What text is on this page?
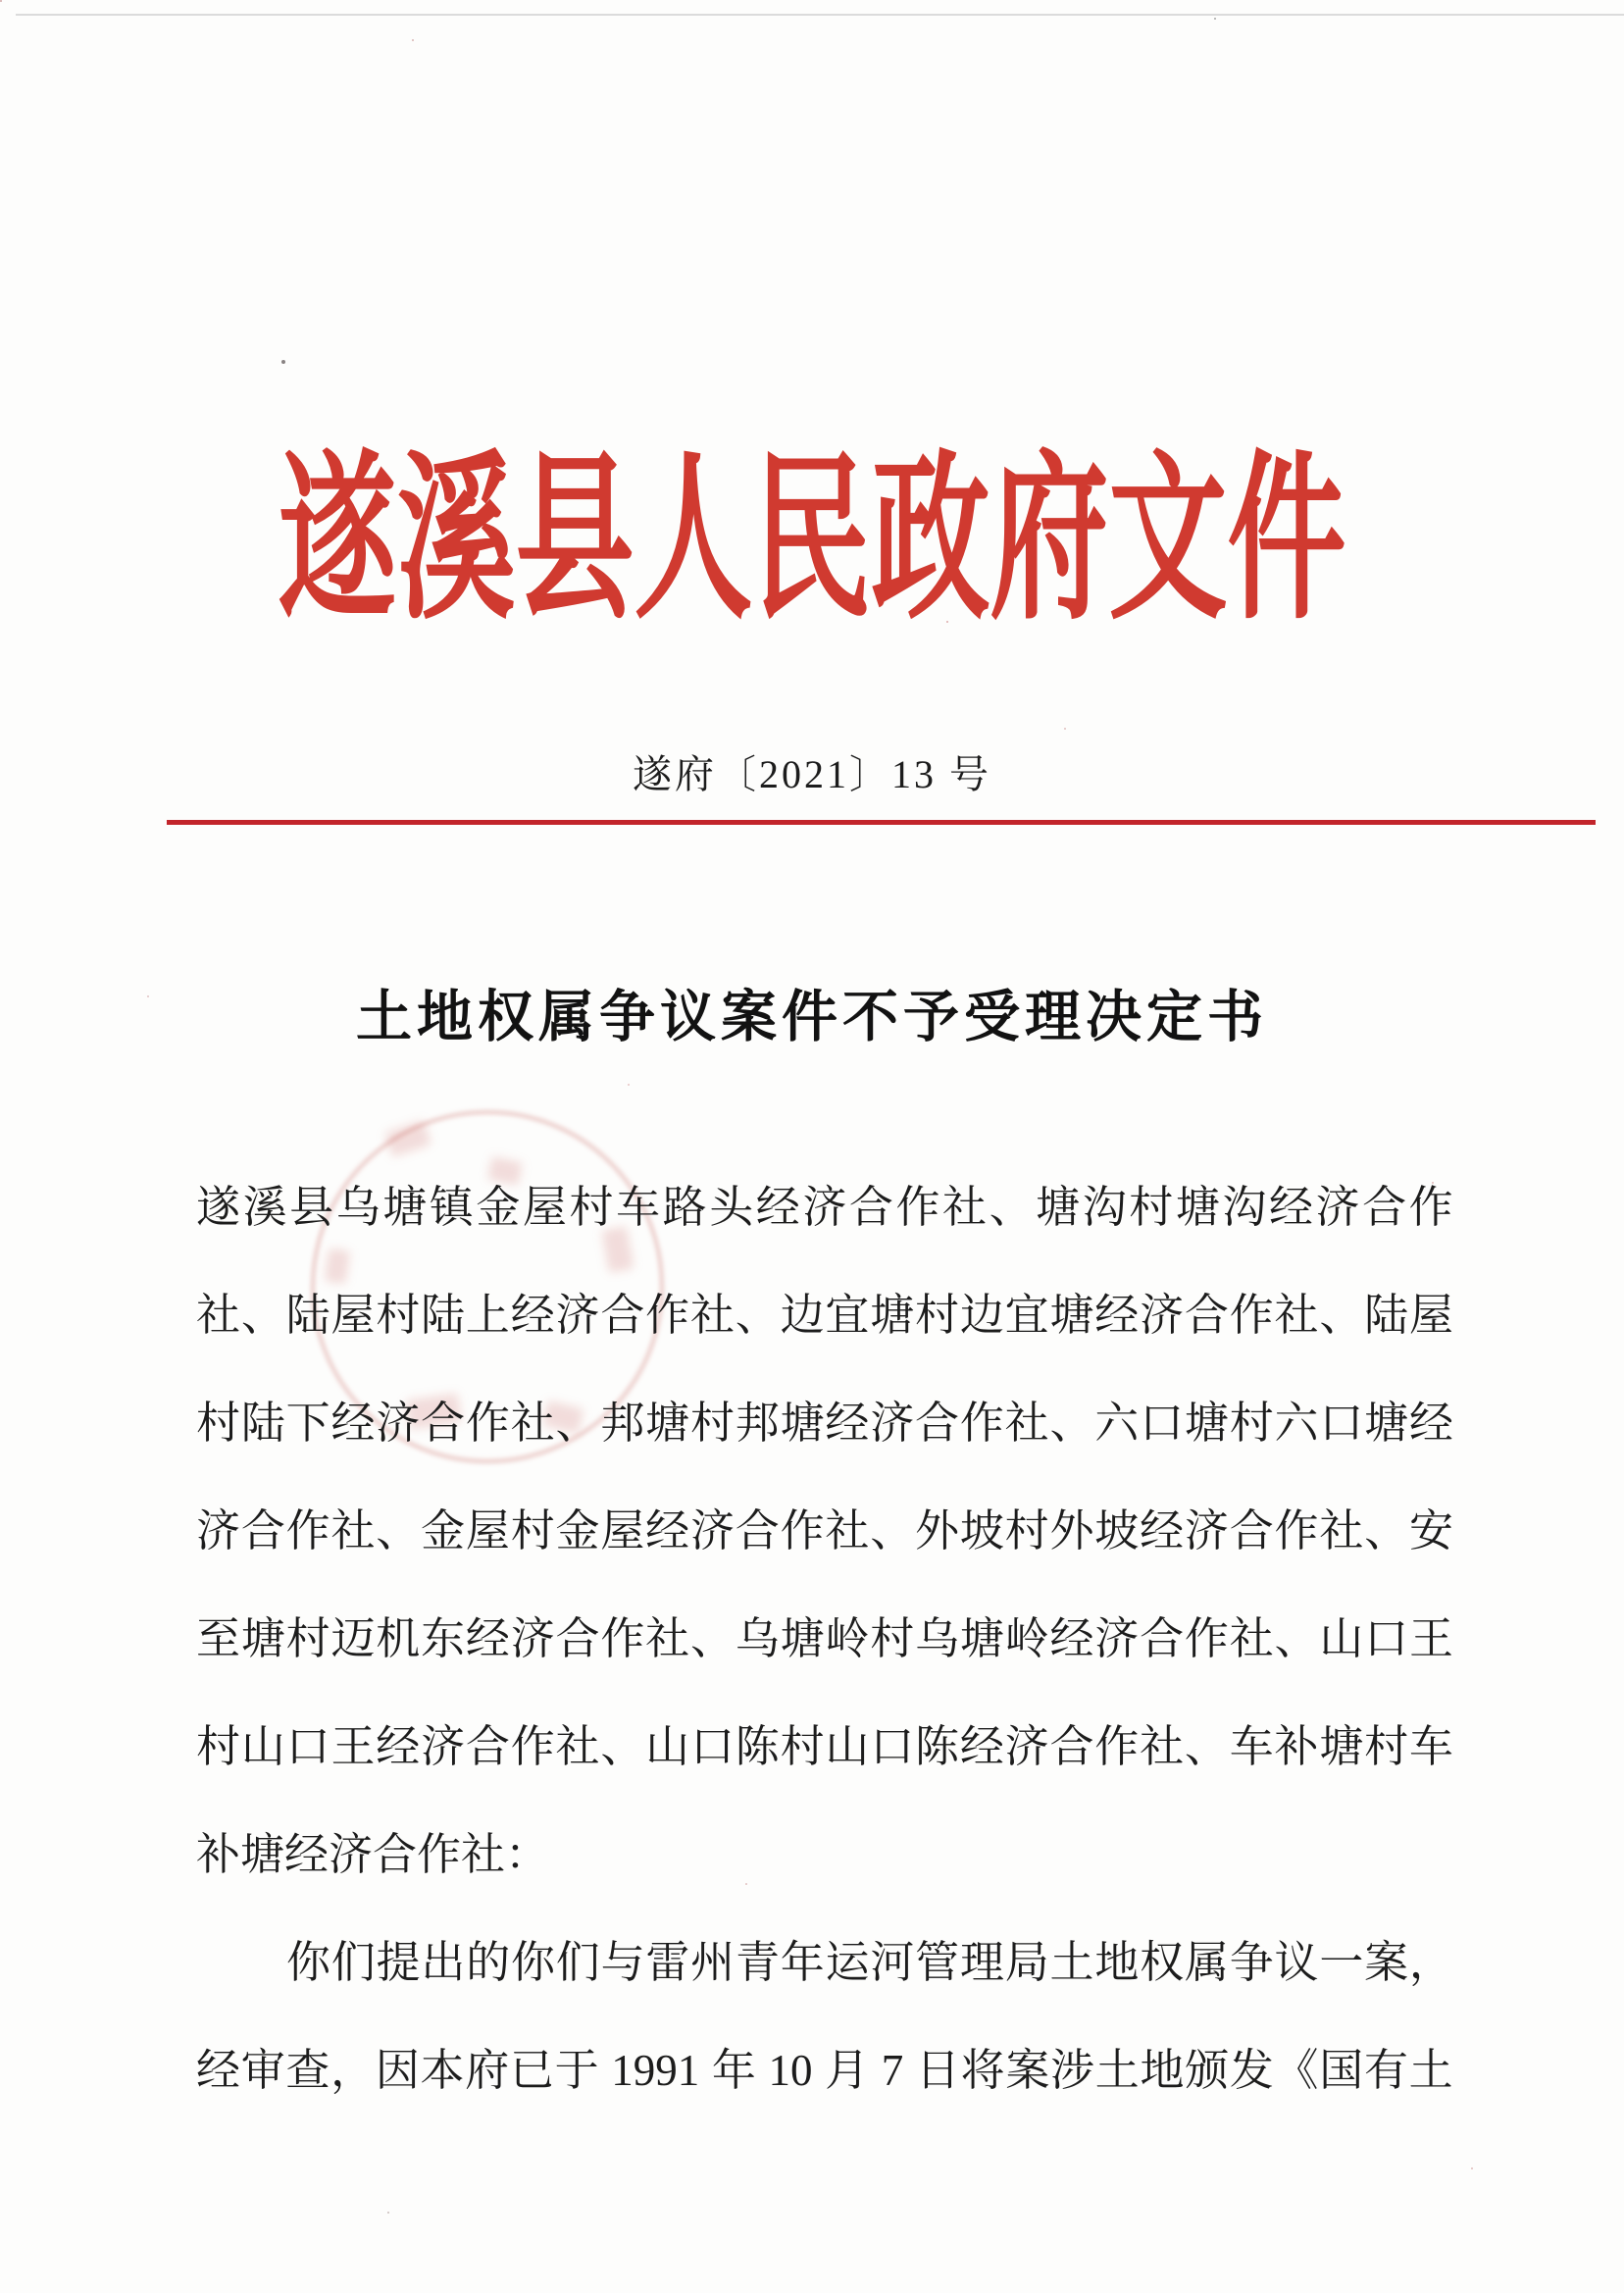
遂溪县人民政府文件
遂府〔2021〕13 号
土地权属争议案件不予受理决定书
遂 溪 县 乌 塘 镇 金 屋 村 车 路 头 经 济 合 作 社 、 塘 沟 村 塘 沟 经 济 合 作
社 、 陆 屋 村 陆 上 经 济 合 作 社 、 边 宜 塘 村 边 宜 塘 经 济 合 作 社 、 陆 屋
村 陆 下 经 济 合 作 社 、 邦 塘 村 邦 塘 经 济 合 作 社 、 六 口 塘 村 六 口 塘 经
济 合 作 社 、 金 屋 村 金 屋 经 济 合 作 社 、 外 坡 村 外 坡 经 济 合 作 社 、 安
至 塘 村 迈 机 东 经 济 合 作 社 、 乌 塘 岭 村 乌 塘 岭 经 济 合 作 社 、 山 口 王
村 山 口 王 经 济 合 作 社 、 山 口 陈 村 山 口 陈 经 济 合 作 社 、 车 补 塘 村 车
补塘经济合作社：
你 们 提 出 的 你 们 与 雷 州 青 年 运 河 管 理 局 土 地 权 属 争 议 一 案 ，
经 审 查 ， 因 本 府 已 于
1991
年
10
月
7
日 将 案 涉 土 地 颁 发 《 国 有 土
